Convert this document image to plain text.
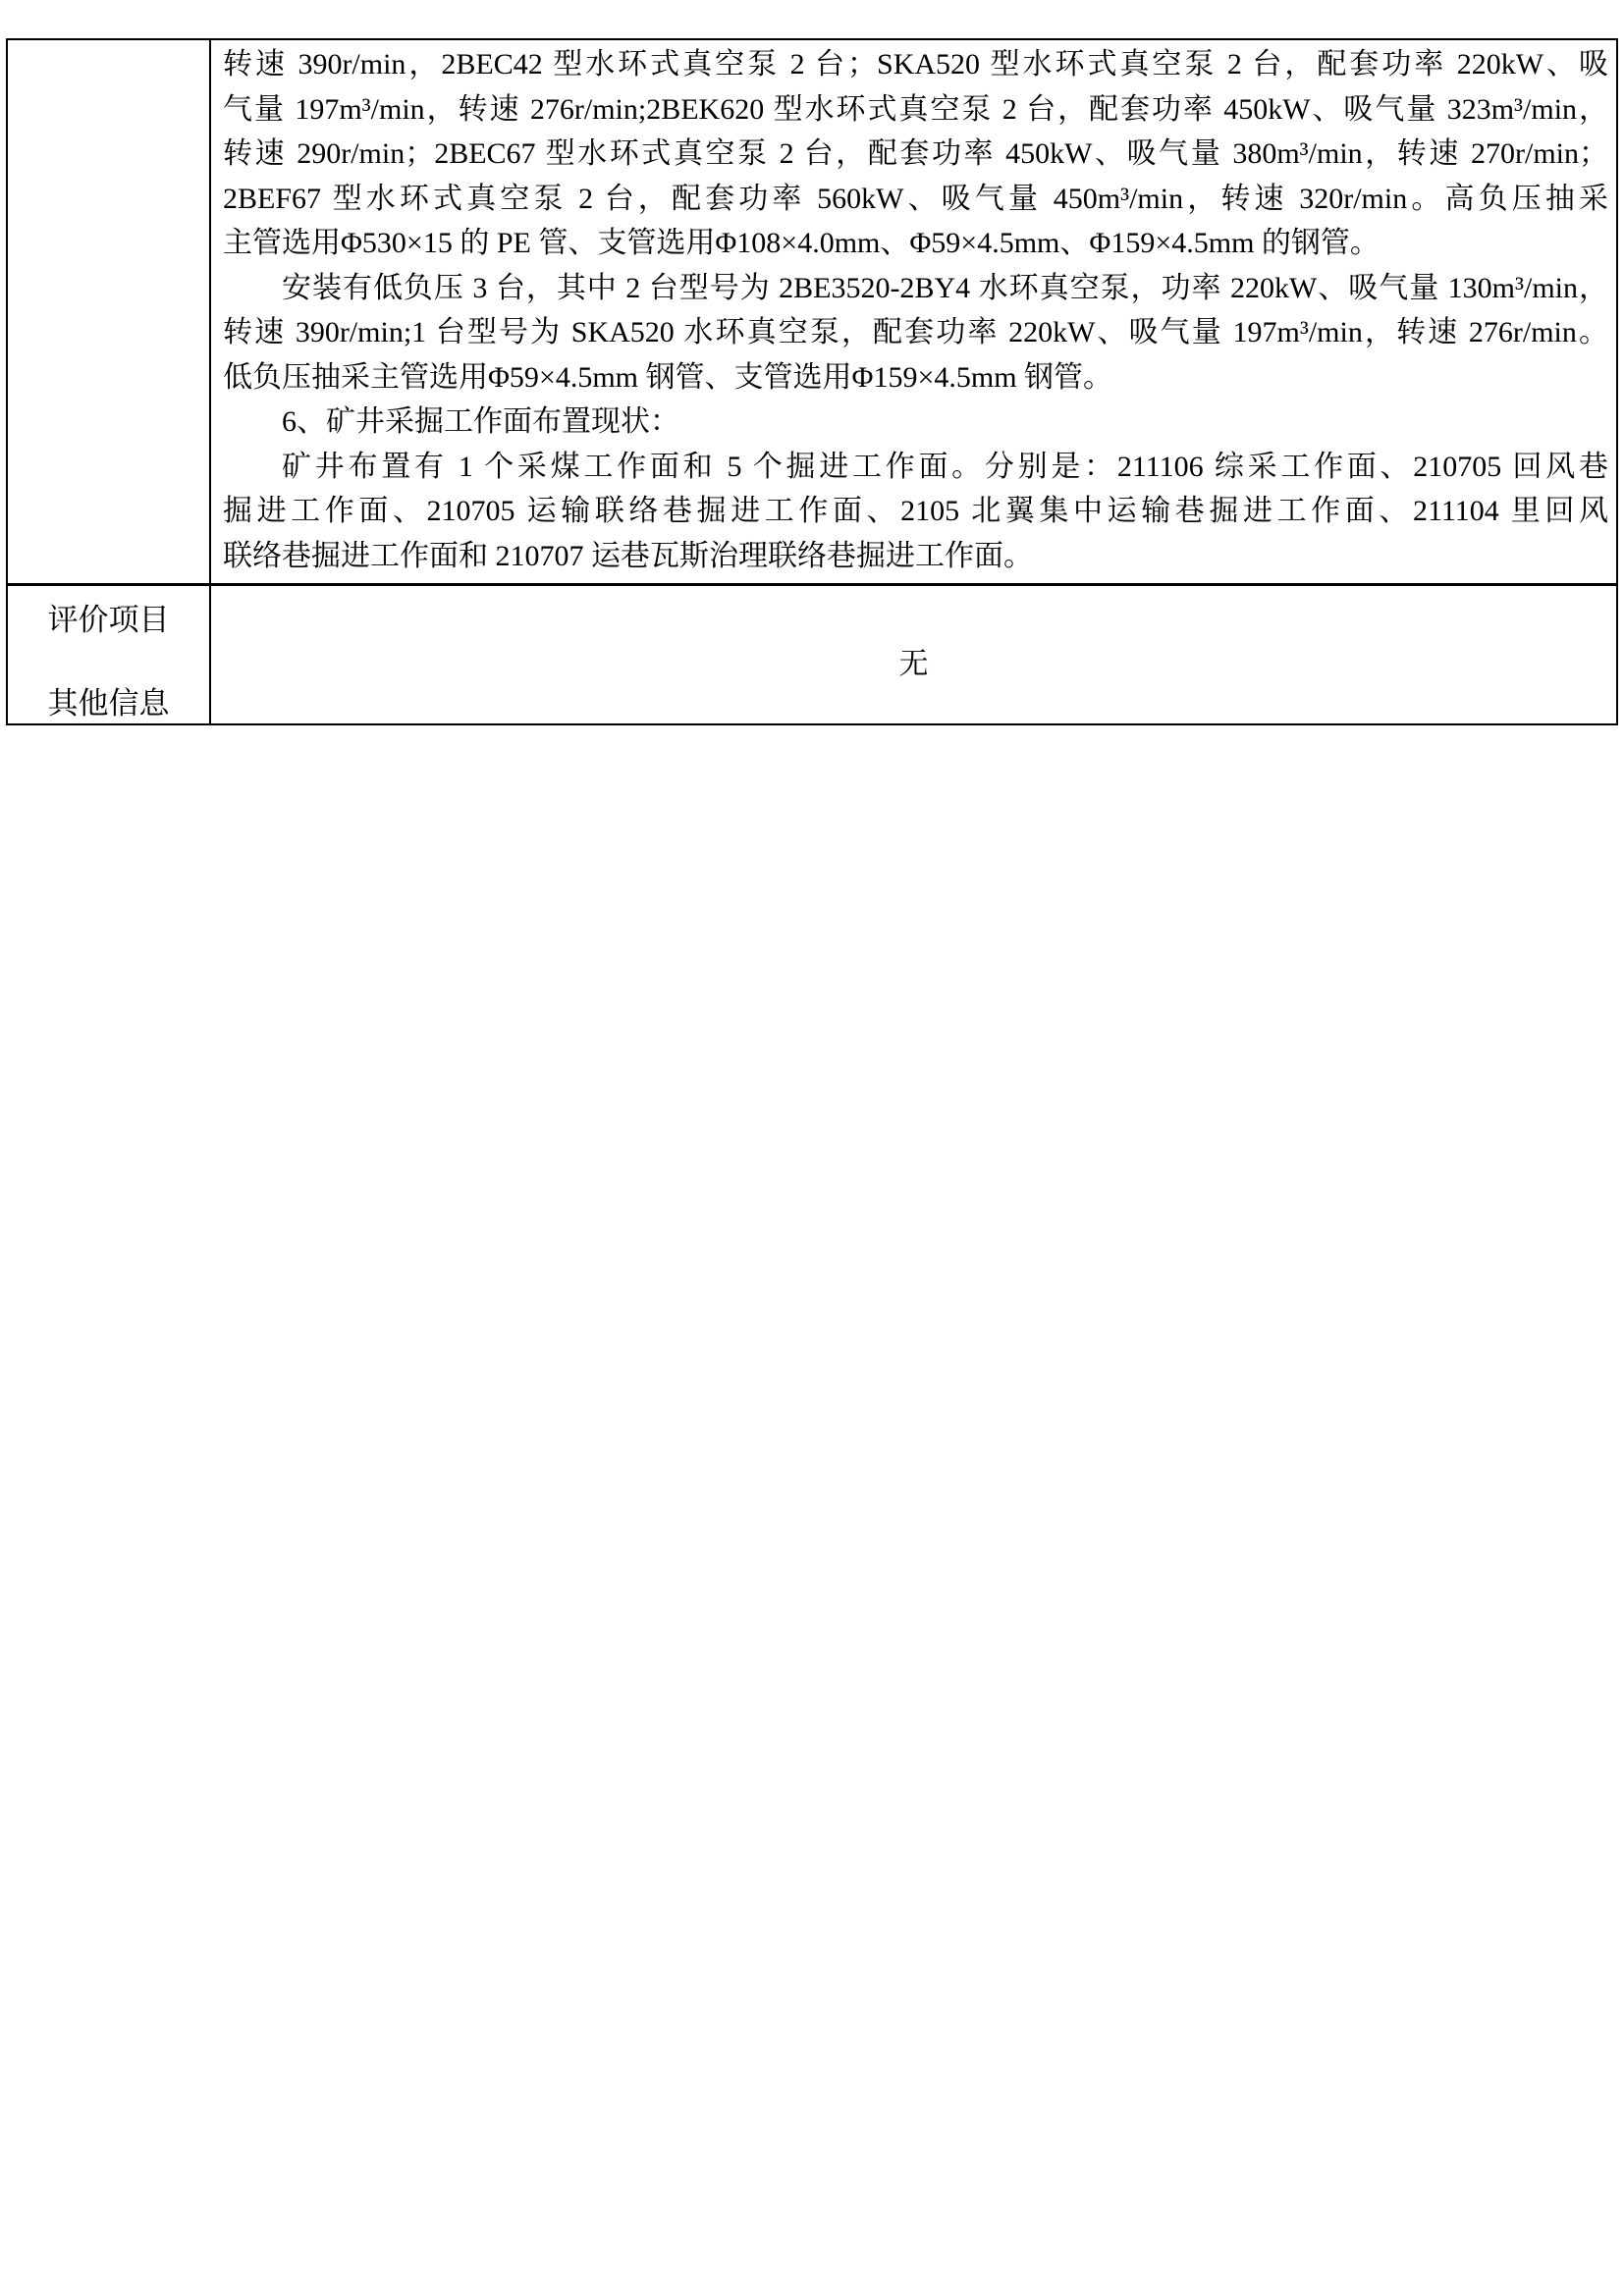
转速 390r/min，2BEC42 型水环式真空泵 2 台；SKA520 型水环式真空泵 2 台，配套功率 220kW、吸
气量 197m³/min，转速 276r/min;2BEK620 型水环式真空泵 2 台，配套功率 450kW、吸气量 323m³/min，
转速 290r/min；2BEC67 型水环式真空泵 2 台，配套功率 450kW、吸气量 380m³/min，转速 270r/min；
2BEF67 型水环式真空泵 2 台，配套功率 560kW、吸气量 450m³/min，转速 320r/min。高负压抽采
主管选用Φ530×15 的 PE 管、支管选用Φ108×4.0mm、Φ59×4.5mm、Φ159×4.5mm 的钢管。
安装有低负压 3 台，其中 2 台型号为 2BE3520-2BY4 水环真空泵，功率 220kW、吸气量 130m³/min，
转速 390r/min;1 台型号为 SKA520 水环真空泵，配套功率 220kW、吸气量 197m³/min，转速 276r/min。
低负压抽采主管选用Φ59×4.5mm 钢管、支管选用Φ159×4.5mm 钢管。
6、矿井采掘工作面布置现状：
矿井布置有 1 个采煤工作面和 5 个掘进工作面。分别是：211106 综采工作面、210705 回风巷
掘进工作面、210705 运输联络巷掘进工作面、2105 北翼集中运输巷掘进工作面、211104 里回风
联络巷掘进工作面和 210707 运巷瓦斯治理联络巷掘进工作面。
评价项目
其他信息
无
